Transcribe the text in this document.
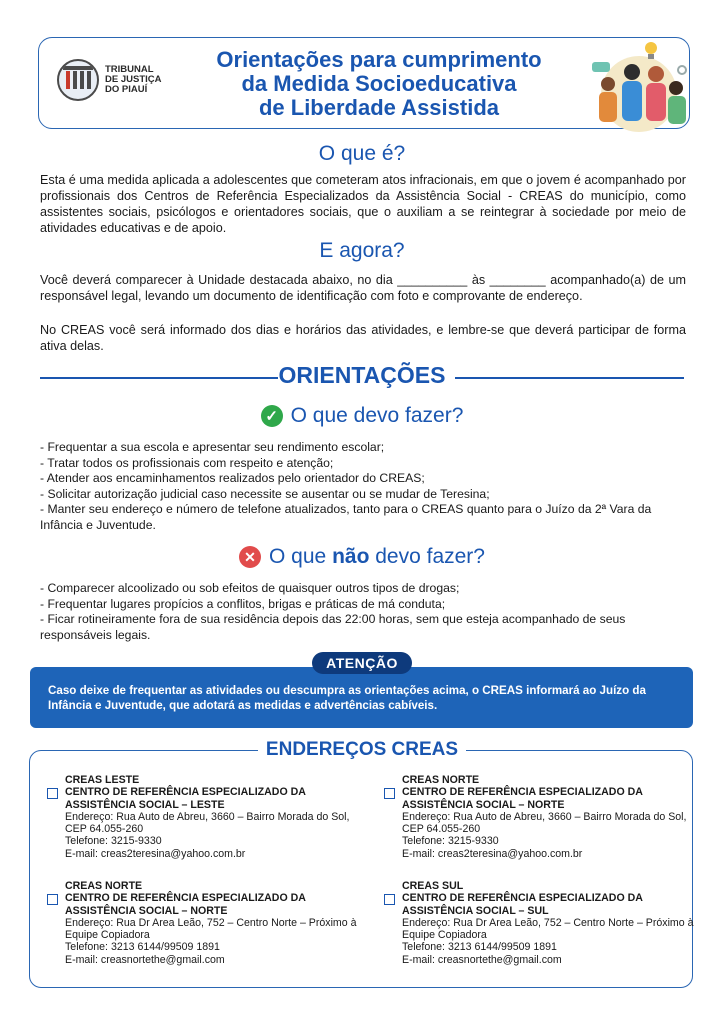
TRIBUNAL
DE JUSTIÇA
DO PIAUÍ
Orientações para cumprimento
da Medida Socioeducativa
de Liberdade Assistida
O que é?
Esta é uma medida aplicada a adolescentes que cometeram atos infracionais, em que o jovem é acompanhado por profissionais dos Centros de Referência Especializados da Assistência Social - CREAS do município, como assistentes sociais, psicólogos e orientadores sociais, que o auxiliam a se reintegrar à sociedade por meio de atividades educativas e de apoio.
E agora?
Você deverá comparecer à Unidade destacada abaixo, no dia __________ às ________ acompanhado(a) de um responsável legal, levando um documento de identificação com foto e comprovante de endereço.
No CREAS você será informado dos dias e horários das atividades, e lembre-se que deverá participar de forma ativa delas.
ORIENTAÇÕES
✓ O que devo fazer?
- Frequentar a sua escola e apresentar seu rendimento escolar;
- Tratar todos os profissionais com respeito e atenção;
- Atender aos encaminhamentos realizados pelo orientador do CREAS;
- Solicitar autorização judicial caso necessite se ausentar ou se mudar de Teresina;
- Manter seu endereço e número de telefone atualizados, tanto para o CREAS quanto para o Juízo da 2ª Vara da Infância e Juventude.
✕ O que não devo fazer?
- Comparecer alcoolizado ou sob efeitos de quaisquer outros tipos de drogas;
- Frequentar lugares propícios a conflitos, brigas e práticas de má conduta;
- Ficar rotineiramente fora de sua residência depois das 22:00 horas, sem que esteja acompanhado de seus responsáveis legais.
ATENÇÃO
Caso deixe de frequentar as atividades ou descumpra as orientações acima, o CREAS informará ao Juízo da Infância e Juventude, que adotará as medidas e advertências cabíveis.
ENDEREÇOS CREAS
CREAS LESTE
CENTRO DE REFERÊNCIA ESPECIALIZADO DA ASSISTÊNCIA SOCIAL – LESTE
Endereço: Rua Auto de Abreu, 3660 – Bairro Morada do Sol, CEP 64.055-260
Telefone: 3215-9330
E-mail: creas2teresina@yahoo.com.br
CREAS NORTE
CENTRO DE REFERÊNCIA ESPECIALIZADO DA ASSISTÊNCIA SOCIAL – NORTE
Endereço: Rua Auto de Abreu, 3660 – Bairro Morada do Sol, CEP 64.055-260
Telefone: 3215-9330
E-mail: creas2teresina@yahoo.com.br
CREAS NORTE
CENTRO DE REFERÊNCIA ESPECIALIZADO DA ASSISTÊNCIA SOCIAL – NORTE
Endereço: Rua Dr Area Leão, 752 – Centro Norte – Próximo à Equipe Copiadora
Telefone: 3213 6144/99509 1891
E-mail: creasnortethe@gmail.com
CREAS SUL
CENTRO DE REFERÊNCIA ESPECIALIZADO DA ASSISTÊNCIA SOCIAL – SUL
Endereço: Rua Dr Area Leão, 752 – Centro Norte – Próximo à Equipe Copiadora
Telefone: 3213 6144/99509 1891
E-mail: creasnortethe@gmail.com
